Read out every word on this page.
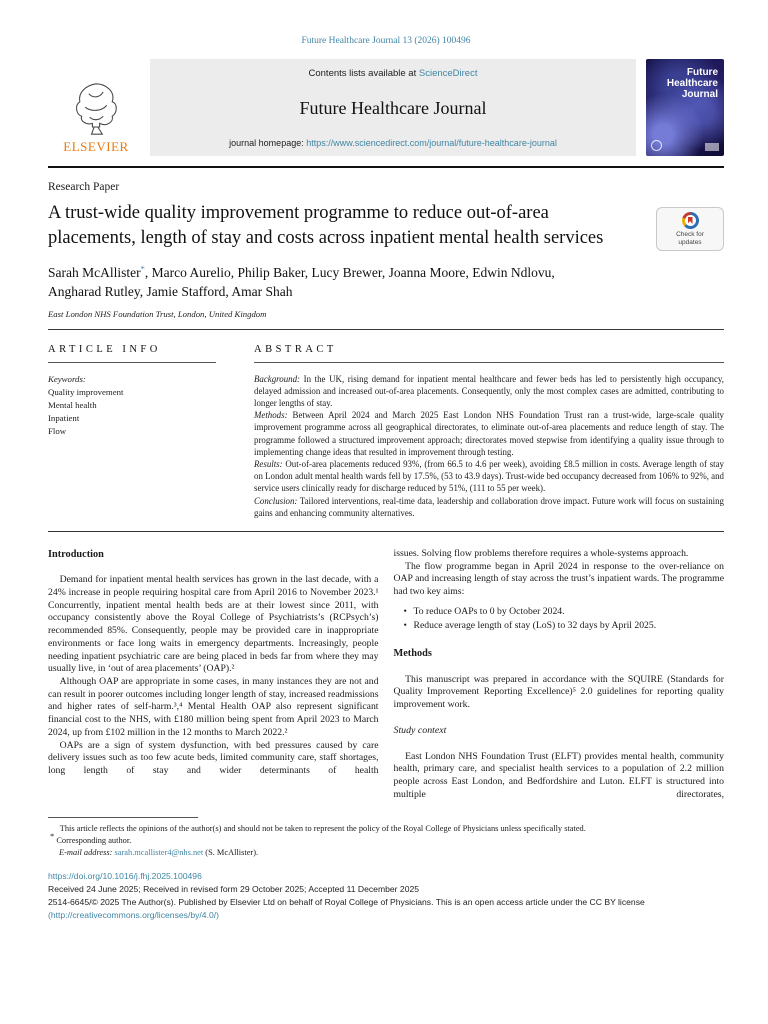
Future Healthcare Journal 13 (2026) 100496
ELSEVIER
Contents lists available at ScienceDirect
Future Healthcare Journal
journal homepage: https://www.sciencedirect.com/journal/future-healthcare-journal
Future Healthcare Journal
Research Paper
A trust-wide quality improvement programme to reduce out-of-area placements, length of stay and costs across inpatient mental health services	Check for
updates
Sarah McAllister*, Marco Aurelio, Philip Baker, Lucy Brewer, Joanna Moore, Edwin Ndlovu,
Angharad Rutley, Jamie Stafford, Amar Shah
East London NHS Foundation Trust, London, United Kingdom
ARTICLE INFO
Keywords:
Quality improvement
Mental health
Inpatient
Flow
ABSTRACT
Background: In the UK, rising demand for inpatient mental healthcare and fewer beds has led to persistently high occupancy, delayed admission and increased out-of-area placements. Consequently, only the most complex cases are admitted, contributing to longer lengths of stay.
Methods: Between April 2024 and March 2025 East London NHS Foundation Trust ran a trust-wide, large-scale quality improvement programme across all geographical directorates, to eliminate out-of-area placements and reduce length of stay. The programme followed a structured improvement approach; directorates moved stepwise from identifying a quality issue through to implementing change ideas that resulted in improvement through testing.
Results: Out-of-area placements reduced 93%, (from 66.5 to 4.6 per week), avoiding £8.5 million in costs. Average length of stay on London adult mental health wards fell by 17.5%, (53 to 43.9 days). Trust-wide bed occupancy decreased from 106% to 92%, and service users clinically ready for discharge reduced by 51%, (111 to 55 per week).
Conclusion: Tailored interventions, real-time data, leadership and collaboration drove impact. Future work will focus on sustaining gains and enhancing community alternatives.
Introduction

Demand for inpatient mental health services has grown in the last decade, with a 24% increase in people requiring hospital care from April 2016 to November 2023.¹ Concurrently, inpatient mental health beds are at their lowest since 2011, with occupancy consistently above the Royal College of Psychiatrists’s (RCPsych’s) recommended 85%. Consequently, people may be provided care in inappropriate environments or face long waits in emergency departments. Increasingly, people needing inpatient psychiatric care are being placed in beds far from where they may usually live, in ‘out of area placements’ (OAP).²

Although OAP are appropriate in some cases, in many instances they are not and can result in poorer outcomes including longer length of stay, increased readmissions and higher rates of self-harm.³,⁴ Mental Health OAP also represent significant financial cost to the NHS, with £180 million being spent from April 2023 to March 2024, up from £102 million in the 12 months to March 2022.²

OAPs are a sign of system dysfunction, with bed pressures caused by care delivery issues such as too few acute beds, limited community care, staff shortages, long length of stay and wider determinants of health

issues. Solving flow problems therefore requires a whole-systems approach.

The flow programme began in April 2024 in response to the over-reliance on OAP and increasing length of stay across the trust’s inpatient wards. The programme had two key aims:

• To reduce OAPs to 0 by October 2024.
• Reduce average length of stay (LoS) to 32 days by April 2025.
Methods

This manuscript was prepared in accordance with the SQUIRE (Standards for Quality Improvement Reporting Excellence)⁵ 2.0 guidelines for reporting quality improvement work.

Study context

East London NHS Foundation Trust (ELFT) provides mental health, community health, primary care, and specialist health services to a population of 2.2 million people across East London, and Bedfordshire and Luton. ELFT is structured into multiple directorates,

This article reflects the opinions of the author(s) and should not be taken to represent the policy of the Royal College of Physicians unless specifically stated.
* Corresponding author.
E-mail address: sarah.mcallister4@nhs.net (S. McAllister).
https://doi.org/10.1016/j.fhj.2025.100496
Received 24 June 2025; Received in revised form 29 October 2025; Accepted 11 December 2025
2514-6645/© 2025 The Author(s). Published by Elsevier Ltd on behalf of Royal College of Physicians. This is an open access article under the CC BY license
(http://creativecommons.org/licenses/by/4.0/)
